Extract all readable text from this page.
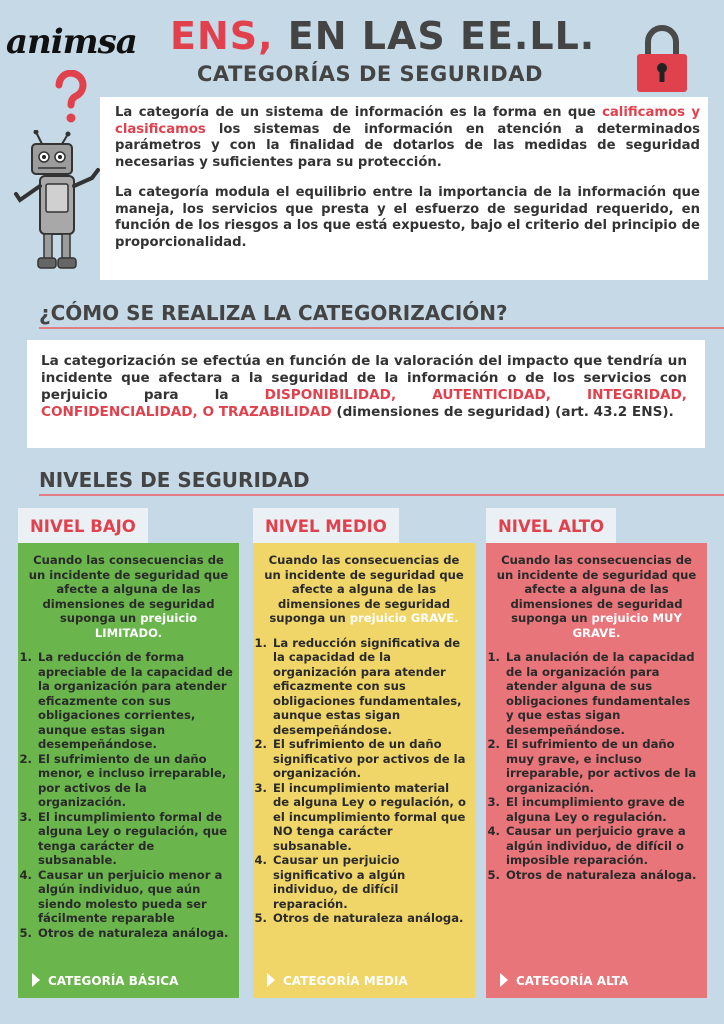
animsa ENS, EN LAS EE.LL.
CATEGORÍAS DE SEGURIDAD

La categoría de un sistema de información es la forma en que calificamos y clasificamos los sistemas de información en atención a determinados parámetros y con la finalidad de dotarlos de las medidas de seguridad necesarias y suficientes para su protección.

La categoría modula el equilibrio entre la importancia de la información que maneja, los servicios que presta y el esfuerzo de seguridad requerido, en función de los riesgos a los que está expuesto, bajo el criterio del principio de proporcionalidad.

¿CÓMO SE REALIZA LA CATEGORIZACIÓN?

La categorización se efectúa en función de la valoración del impacto que tendría un incidente que afectara a la seguridad de la información o de los servicios con perjuicio para la DISPONIBILIDAD, AUTENTICIDAD, INTEGRIDAD, CONFIDENCIALIDAD, O TRAZABILIDAD (dimensiones de seguridad) (art. 43.2 ENS).

NIVELES DE SEGURIDAD
NIVEL BAJO	NIVEL MEDIO	NIVEL ALTO
Cuando las consecuencias de un incidente de seguridad que afecte a alguna de las dimensiones de seguridad suponga un prejuicio LIMITADO.
1. La reducción de forma apreciable de la capacidad de la organización para atender eficazmente con sus obligaciones corrientes, aunque estas sigan desempeñándose.
2. El sufrimiento de un daño menor, e incluso irreparable, por activos de la organización.
3. El incumplimiento formal de alguna Ley o regulación, que tenga carácter de subsanable.
4. Causar un perjuicio menor a algún individuo, que aún siendo molesto pueda ser fácilmente reparable
5. Otros de naturaleza análoga.
CATEGORÍA BÁSICA
Cuando las consecuencias de un incidente de seguridad que afecte a alguna de las dimensiones de seguridad suponga un prejuicio GRAVE.
1. La reducción significativa de la capacidad de la organización para atender eficazmente con sus obligaciones fundamentales, aunque estas sigan desempeñándose.
2. El sufrimiento de un daño significativo por activos de la organización.
3. El incumplimiento material de alguna Ley o regulación, o el incumplimiento formal que NO tenga carácter subsanable.
4. Causar un perjuicio significativo a algún individuo, de difícil reparación.
5. Otros de naturaleza análoga.
CATEGORÍA MEDIA
Cuando las consecuencias de un incidente de seguridad que afecte a alguna de las dimensiones de seguridad suponga un prejuicio MUY GRAVE.
1. La anulación de la capacidad de la organización para atender alguna de sus obligaciones fundamentales y que estas sigan desempeñándose.
2. El sufrimiento de un daño muy grave, e incluso irreparable, por activos de la organización.
3. El incumplimiento grave de alguna Ley o regulación.
4. Causar un perjuicio grave a algún individuo, de difícil o imposible reparación.
5. Otros de naturaleza análoga.
CATEGORÍA ALTA
